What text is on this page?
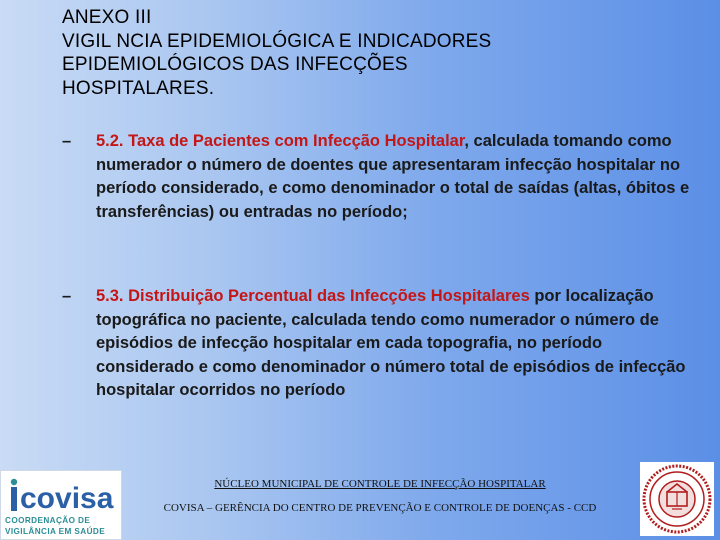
ANEXO III
VIGIL NCIA EPIDEMIOLÓGICA E INDICADORES
EPIDEMIOLÓGICOS DAS INFECÇÕES
HOSPITALARES.
– 5.2. Taxa de Pacientes com Infecção Hospitalar, calculada tomando como numerador o número de doentes que apresentaram infecção hospitalar no período considerado, e como denominador o total de saídas (altas, óbitos e transferências) ou entradas no período;
– 5.3. Distribuição Percentual das Infecções Hospitalares por localização topográfica no paciente, calculada tendo como numerador o número de episódios de infecção hospitalar em cada topografia, no período considerado e como denominador o número total de episódios de infecção hospitalar ocorridos no período
covisa
COORDENAÇÃO DE
VIGILÂNCIA EM SAÚDE
NÚCLEO MUNICIPAL DE CONTROLE DE INFECÇÃO HOSPITALAR
COVISA – GERÊNCIA DO CENTRO DE PREVENÇÃO E CONTROLE DE DOENÇAS - CCD
